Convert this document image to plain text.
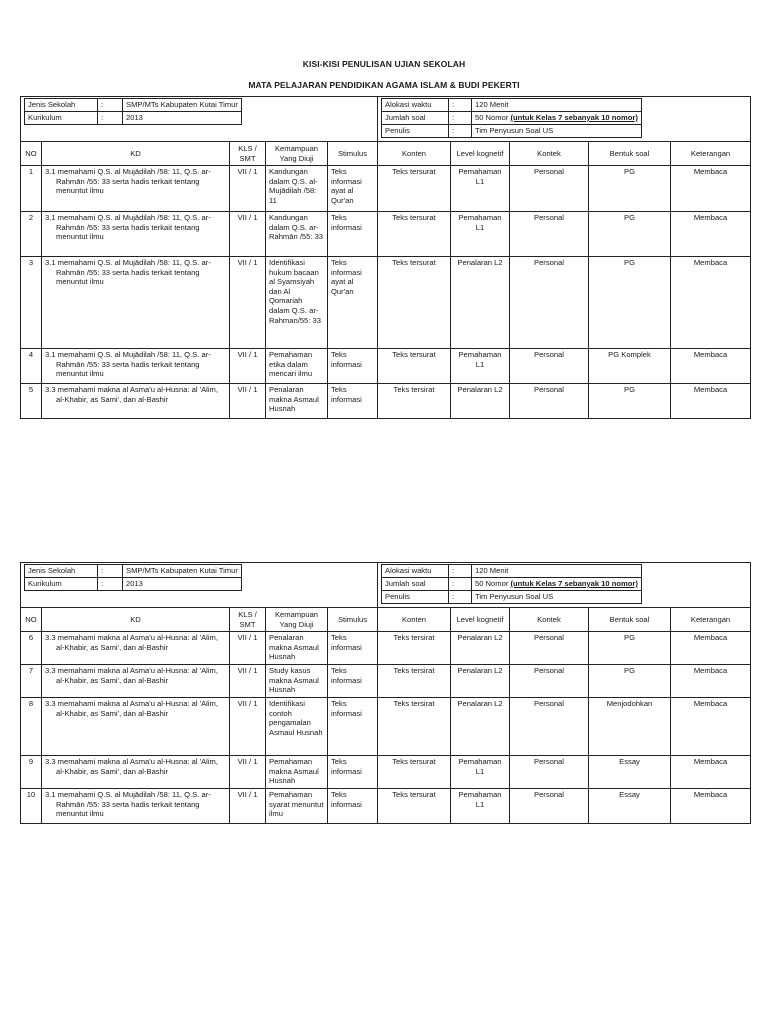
KISI-KISI PENULISAN UJIAN SEKOLAH
MATA PELAJARAN PENDIDIKAN AGAMA ISLAM & BUDI PEKERTI
Jenis Sekolah	:	SMP/MTs Kabupaten Kutai Timur
Kurikulum	:	2013

Alokasi waktu	:	120 Menit
Jumlah soal	:	50 Nomor (untuk Kelas 7 sebanyak 10 nomor)
Penulis	:	Tim Penyusun Soal US

NO	KD	KLS / SMT	Kemampuan Yang Diuji	Stimulus	Konten	Level kognetif	Kontek	Bentuk soal	Keterangan
1	3.1 memahami Q.S. al Mujādilah /58: 11, Q.S. ar-Rahmān /55: 33 serta hadis terkait tentang menuntut ilmu	VII / 1	Kandungan dalam Q.S. al-Mujādilah /58: 11	Teks informasi ayat al Qur'an	Teks tersurat	Pemahaman L1	Personal	PG	Membaca
2	3.1 memahami Q.S. al Mujādilah /58: 11, Q.S. ar-Rahmān /55: 33 serta hadis terkait tentang menuntut ilmu	VII / 1	Kandungan dalam Q.S. ar-Rahmān /55: 33	Teks informasi	Teks tersurat	Pemahaman L1	Personal	PG	Membaca
3	3.1 memahami Q.S. al Mujādilah /58: 11, Q.S. ar-Rahmān /55: 33 serta hadis terkait tentang menuntut ilmu	VII / 1	Identifikasi hukum bacaan al Syamsiyah dan Al Qomariah dalam Q.S. ar-Rahman/55: 33	Teks informasi ayat al Qur'an	Teks tersurat	Penalaran L2	Personal	PG	Membaca
4	3.1 memahami Q.S. al Mujādilah /58: 11, Q.S. ar-Rahmān /55: 33 serta hadis terkait tentang menuntut ilmu	VII / 1	Pemahaman etika dalam mencari ilmu	Teks informasi	Teks tersurat	Pemahaman L1	Personal	PG Komplek	Membaca
5	3.3 memahami makna al Asma'u al-Husna: al 'Alim, al-Khabir, as Sami', dan al-Bashir	VII / 1	Penalaran makna Asmaul Husnah	Teks informasi	Teks tersirat	Penalaran L2	Personal	PG	Membaca
Jenis Sekolah	:	SMP/MTs Kabupaten Kutai Timur
Kurikulum	:	2013

Alokasi waktu	:	120 Menit
Jumlah soal	:	50 Nomor (untuk Kelas 7 sebanyak 10 nomor)
Penulis	:	Tim Penyusun Soal US

NO	KD	KLS / SMT	Kemampuan Yang Diuji	Stimulus	Konten	Level kognetif	Kontek	Bentuk soal	Keterangan
6	3.3 memahami makna al Asma'u al-Husna: al 'Alim, al-Khabir, as Sami', dan al-Bashir	VII / 1	Penalaran makna Asmaul Husnah	Teks informasi	Teks tersirat	Penalaran L2	Personal	PG	Membaca
7	3.3 memahami makna al Asma'u al-Husna: al 'Alim, al-Khabir, as Sami', dan al-Bashir	VII / 1	Study kasus makna Asmaul Husnah	Teks informasi	Teks tersirat	Penalaran L2	Personal	PG	Membaca
8	3.3 memahami makna al Asma'u al-Husna: al 'Alim, al-Khabir, as Sami', dan al-Bashir	VII / 1	Identifikasi contoh pengamalan Asmaul Husnah	Teks informasi	Teks tersirat	Penalaran L2	Personal	Menjodohkan	Membaca
9	3.3 memahami makna al Asma'u al-Husna: al 'Alim, al-Khabir, as Sami', dan al-Bashir	VII / 1	Pemahaman makna Asmaul Husnah	Teks informasi	Teks tersurat	Pemahaman L1	Personal	Essay	Membaca
10	3.1 memahami Q.S. al Mujādilah /58: 11, Q.S. ar-Rahmān /55: 33 serta hadis terkait tentang menuntut ilmu	VII / 1	Pemahaman syarat menuntut ilmu	Teks informasi	Teks tersurat	Pemahaman L1	Personal	Essay	Membaca
